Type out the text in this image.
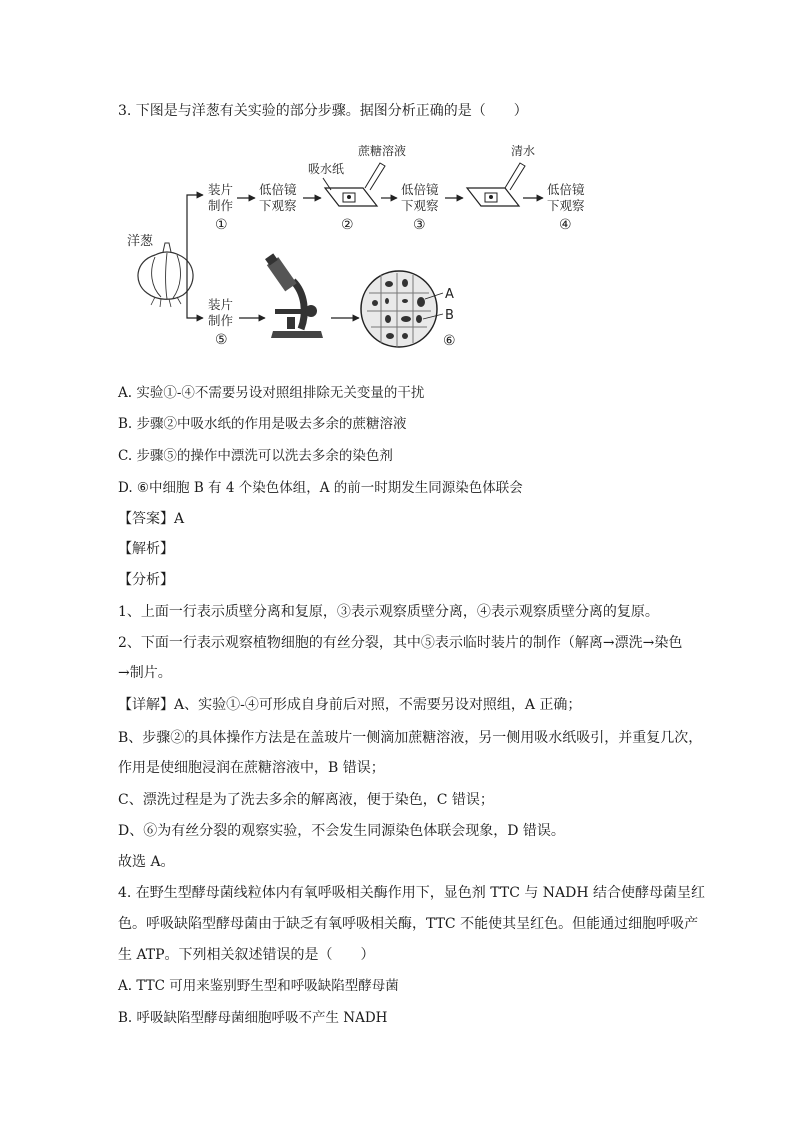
3. 下图是与洋葱有关实验的部分步骤。据图分析正确的是（　　）
洋葱
装片
制作
①
低倍镜
下观察
吸水纸
蔗糖溶液
②
低倍镜
下观察
③
清水
低倍镜
下观察
④
装片
制作
⑤
A
B
⑥
A. 实验①-④不需要另设对照组排除无关变量的干扰
B. 步骤②中吸水纸的作用是吸去多余的蔗糖溶液
C. 步骤⑤的操作中漂洗可以洗去多余的染色剂
D. ⑥中细胞 B 有 4 个染色体组，A 的前一时期发生同源染色体联会
【答案】A
【解析】
【分析】
1、上面一行表示质壁分离和复原，③表示观察质壁分离，④表示观察质壁分离的复原。
2、下面一行表示观察植物细胞的有丝分裂，其中⑤表示临时装片的制作（解离→漂洗→染色
→制片。
【详解】A、实验①-④可形成自身前后对照，不需要另设对照组，A 正确；
B、步骤②的具体操作方法是在盖玻片一侧滴加蔗糖溶液，另一侧用吸水纸吸引，并重复几次，
作用是使细胞浸润在蔗糖溶液中，B 错误；
C、漂洗过程是为了洗去多余的解离液，便于染色，C 错误；
D、⑥为有丝分裂的观察实验，不会发生同源染色体联会现象，D 错误。
故选 A。
4. 在野生型酵母菌线粒体内有氧呼吸相关酶作用下，显色剂 TTC 与 NADH 结合使酵母菌呈红
色。呼吸缺陷型酵母菌由于缺乏有氧呼吸相关酶，TTC 不能使其呈红色。但能通过细胞呼吸产
生 ATP。下列相关叙述错误的是（　　）
A. TTC 可用来鉴别野生型和呼吸缺陷型酵母菌
B. 呼吸缺陷型酵母菌细胞呼吸不产生 NADH
